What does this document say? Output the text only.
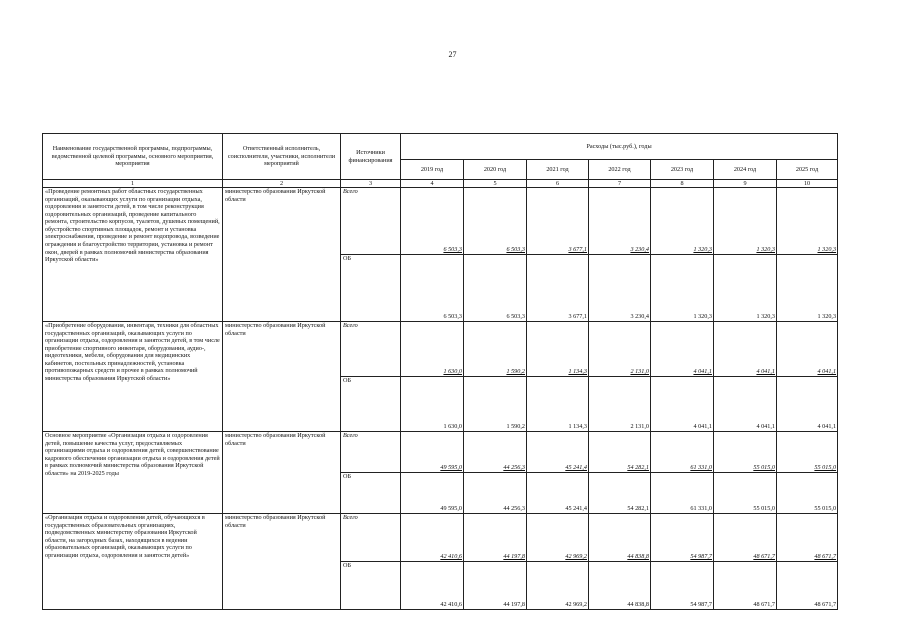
27
Наименование государственной программы, подпрограммы, ведомственной целевой программы, основного мероприятия, мероприятия	Ответственный исполнитель, соисполнители, участники, исполнители мероприятий	Источники финансирования	Расходы (тыс.руб.), годы						
			2019 год	2020 год	2021 год	2022 год	2023 год	2024 год	2025 год
1	2	3	4	5	6	7	8	9	10
«Проведение ремонтных работ областных государственных организаций, оказывающих услуги по организации отдыха, оздоровления и занятости детей, в том числе реконструкция оздоровительных организаций, проведение капитального ремонта, строительство корпусов, туалетов, душевых помещений, обустройство спортивных площадок, ремонт и установка электроснабжения, проведение и ремонт водопровода, возведение ограждения и благоустройство территории, установка и ремонт окон, дверей в рамках полномочий министерства образования Иркутской области»	министерство образования Иркутской области	Всего	6 503,3	6 503,3	3 677,1	3 230,4	1 320,3	1 320,3	1 320,3
		ОБ	6 503,3	6 503,3	3 677,1	3 230,4	1 320,3	1 320,3	1 320,3
«Приобретение оборудования, инвентаря, техники для областных государственных организаций, оказывающих услуги по организации отдыха, оздоровления и занятости детей, в том числе приобретение спортивного инвентаря, оборудования, аудио-, видеотехники, мебели, оборудования для медицинских кабинетов, постельных принадлежностей, установка противопожарных средств и прочее в рамках полномочий министерства образования Иркутской области»	министерство образования Иркутской области	Всего	1 630,0	1 590,2	1 134,3	2 131,0	4 041,1	4 041,1	4 041,1
		ОБ	1 630,0	1 590,2	1 134,3	2 131,0	4 041,1	4 041,1	4 041,1
Основное мероприятие «Организация отдыха и оздоровления детей, повышение качества услуг, предоставляемых организациями отдыха и оздоровления детей, совершенствование кадрового обеспечения организации отдыха и оздоровления детей в рамках полномочий министерства образования Иркутской области» на 2019-2025 годы	министерство образования Иркутской области	Всего	49 595,0	44 256,3	45 241,4	54 282,1	61 331,0	55 015,0	55 015,0
		ОБ	49 595,0	44 256,3	45 241,4	54 282,1	61 331,0	55 015,0	55 015,0
«Организация отдыха и оздоровления детей, обучающихся в государственных образовательных организациях, подведомственных министерству образования Иркутской области, на загородных базах, находящихся в ведении образовательных организаций, оказывающих услуги по организации отдыха, оздоровления и занятости детей»	министерство образования Иркутской области	Всего	42 410,6	44 197,8	42 969,2	44 838,8	54 987,7	48 671,7	48 671,7
		ОБ	42 410,6	44 197,8	42 969,2	44 838,8	54 987,7	48 671,7	48 671,7
